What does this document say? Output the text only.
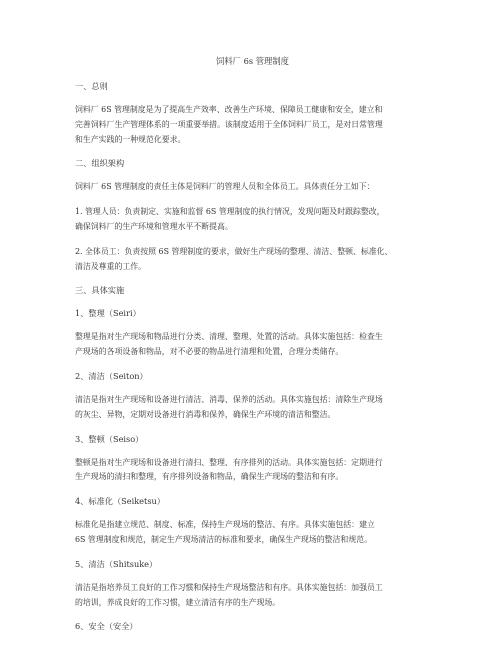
饲料厂 6s 管理制度
一、总则
饲料厂 6S 管理制度是为了提高生产效率、改善生产环境、保障员工健康和安全，建立和
完善饲料厂生产管理体系的一项重要举措。该制度适用于全体饲料厂员工，是对日常管理
和生产实践的一种规范化要求。
二、组织架构
饲料厂 6S 管理制度的责任主体是饲料厂的管理人员和全体员工。具体责任分工如下：
1. 管理人员：负责制定、实施和监督 6S 管理制度的执行情况，发现问题及时跟踪整改，
确保饲料厂的生产环境和管理水平不断提高。
2. 全体员工：负责按照 6S 管理制度的要求，做好生产现场的整理、清洁、整顿、标准化、
清洁及尊重的工作。
三、具体实施
1、整理（Seiri）
整理是指对生产现场和物品进行分类、清理、整理、处置的活动。具体实施包括：检查生
产现场的各项设备和物品，对不必要的物品进行清理和处置，合理分类储存。
2、清洁（Seiton）
清洁是指对生产现场和设备进行清洁、消毒、保养的活动。具体实施包括：清除生产现场
的灰尘、异物，定期对设备进行消毒和保养，确保生产环境的清洁和整洁。
3、整顿（Seiso）
整顿是指对生产现场和设备进行清扫、整理、有序排列的活动。具体实施包括：定期进行
生产现场的清扫和整理，有序排列设备和物品，确保生产现场的整洁和有序。
4、标准化（Seiketsu）
标准化是指建立规范、制度、标准，保持生产现场的整洁、有序。具体实施包括：建立
6S 管理制度和规范，制定生产现场清洁的标准和要求，确保生产现场的整洁和规范。
5、清洁（Shitsuke）
清洁是指培养员工良好的工作习惯和保持生产现场整洁和有序。具体实施包括：加强员工
的培训，养成良好的工作习惯，建立清洁有序的生产现场。
6、安全（安全）
